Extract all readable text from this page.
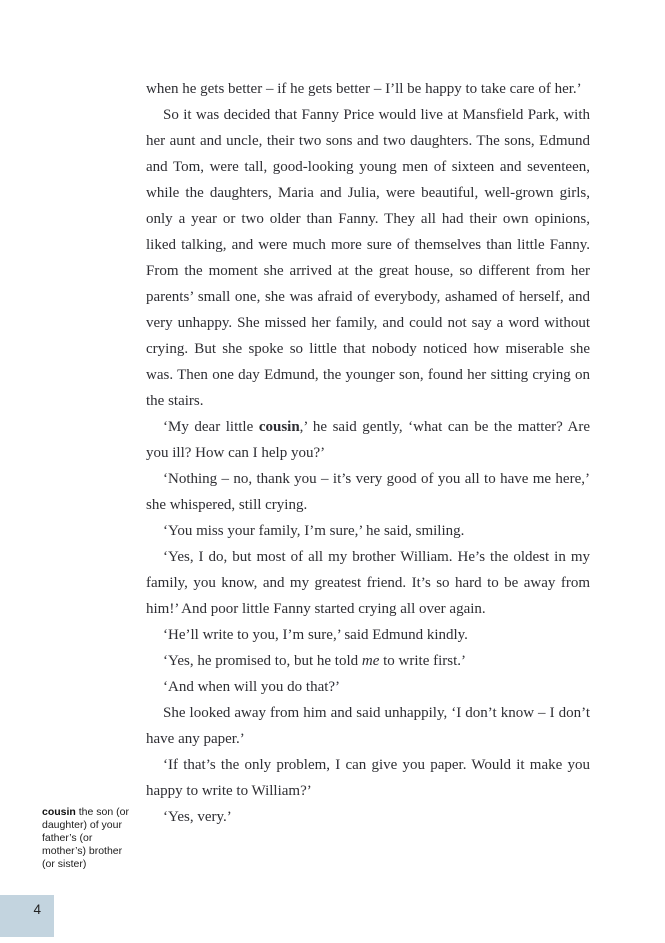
when he gets better – if he gets better – I’ll be happy to take care of her.’

So it was decided that Fanny Price would live at Mansfield Park, with her aunt and uncle, their two sons and two daughters. The sons, Edmund and Tom, were tall, good-looking young men of sixteen and seventeen, while the daughters, Maria and Julia, were beautiful, well-grown girls, only a year or two older than Fanny. They all had their own opinions, liked talking, and were much more sure of themselves than little Fanny. From the moment she arrived at the great house, so different from her parents’ small one, she was afraid of everybody, ashamed of herself, and very unhappy. She missed her family, and could not say a word without crying. But she spoke so little that nobody noticed how miserable she was. Then one day Edmund, the younger son, found her sitting crying on the stairs.

‘My dear little cousin,’ he said gently, ‘what can be the matter? Are you ill? How can I help you?’

‘Nothing – no, thank you – it’s very good of you all to have me here,’ she whispered, still crying.

‘You miss your family, I’m sure,’ he said, smiling.

‘Yes, I do, but most of all my brother William. He’s the oldest in my family, you know, and my greatest friend. It’s so hard to be away from him!’ And poor little Fanny started crying all over again.

‘He’ll write to you, I’m sure,’ said Edmund kindly.

‘Yes, he promised to, but he told me to write first.’

‘And when will you do that?’

She looked away from him and said unhappily, ‘I don’t know – I don’t have any paper.’

‘If that’s the only problem, I can give you paper. Would it make you happy to write to William?’

‘Yes, very.’

cousin the son (or daughter) of your father’s (or mother’s) brother (or sister)
4
